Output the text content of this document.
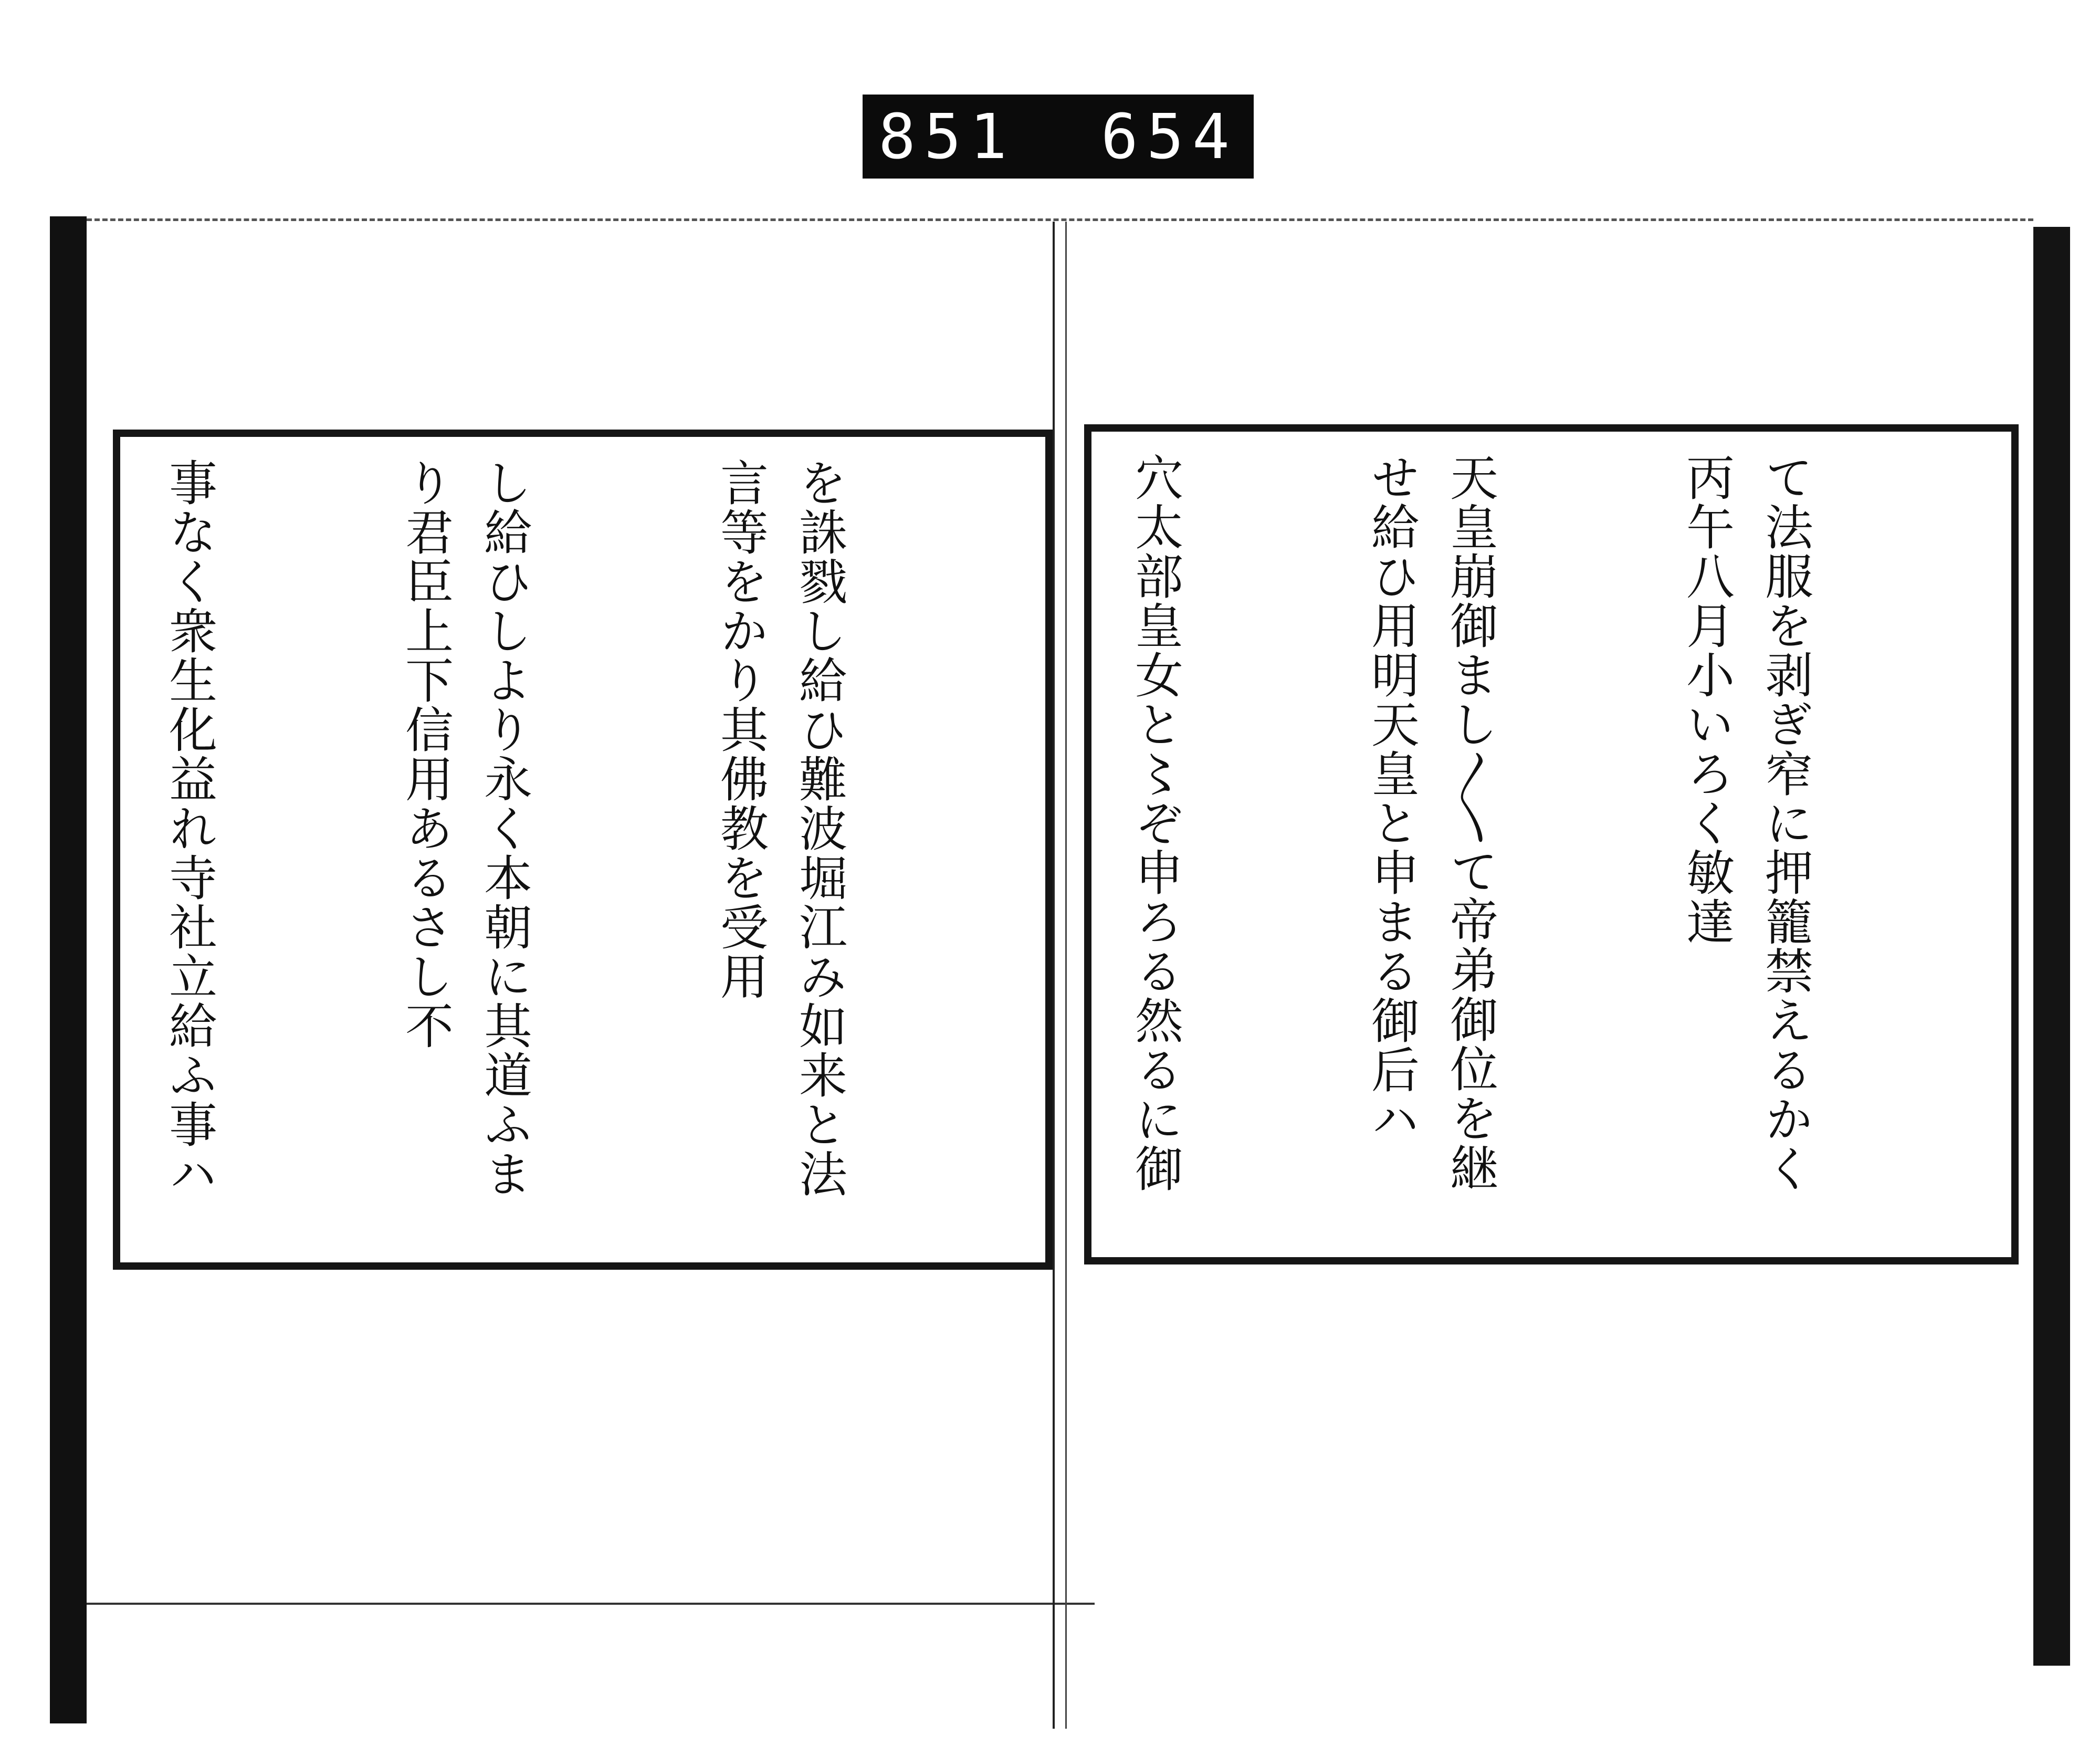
851 654

を誅戮し給ひ難波堀江み如来と法言等をかり其佛教を受用

し給ひしより永く本朝に其道ふまり君臣上下信用あるさし不

事なく衆生化益れ寺社立給ふ事ハ

	て法服を剥ぎ窄に押籠禁えるかく丙午八月小いろく敏達

天皇崩御まし〳〵て帝弟御位を継せ給ひ用明天皇と申まる御后ハ

穴太部皇女と〻ぞ申ろる然るに御
